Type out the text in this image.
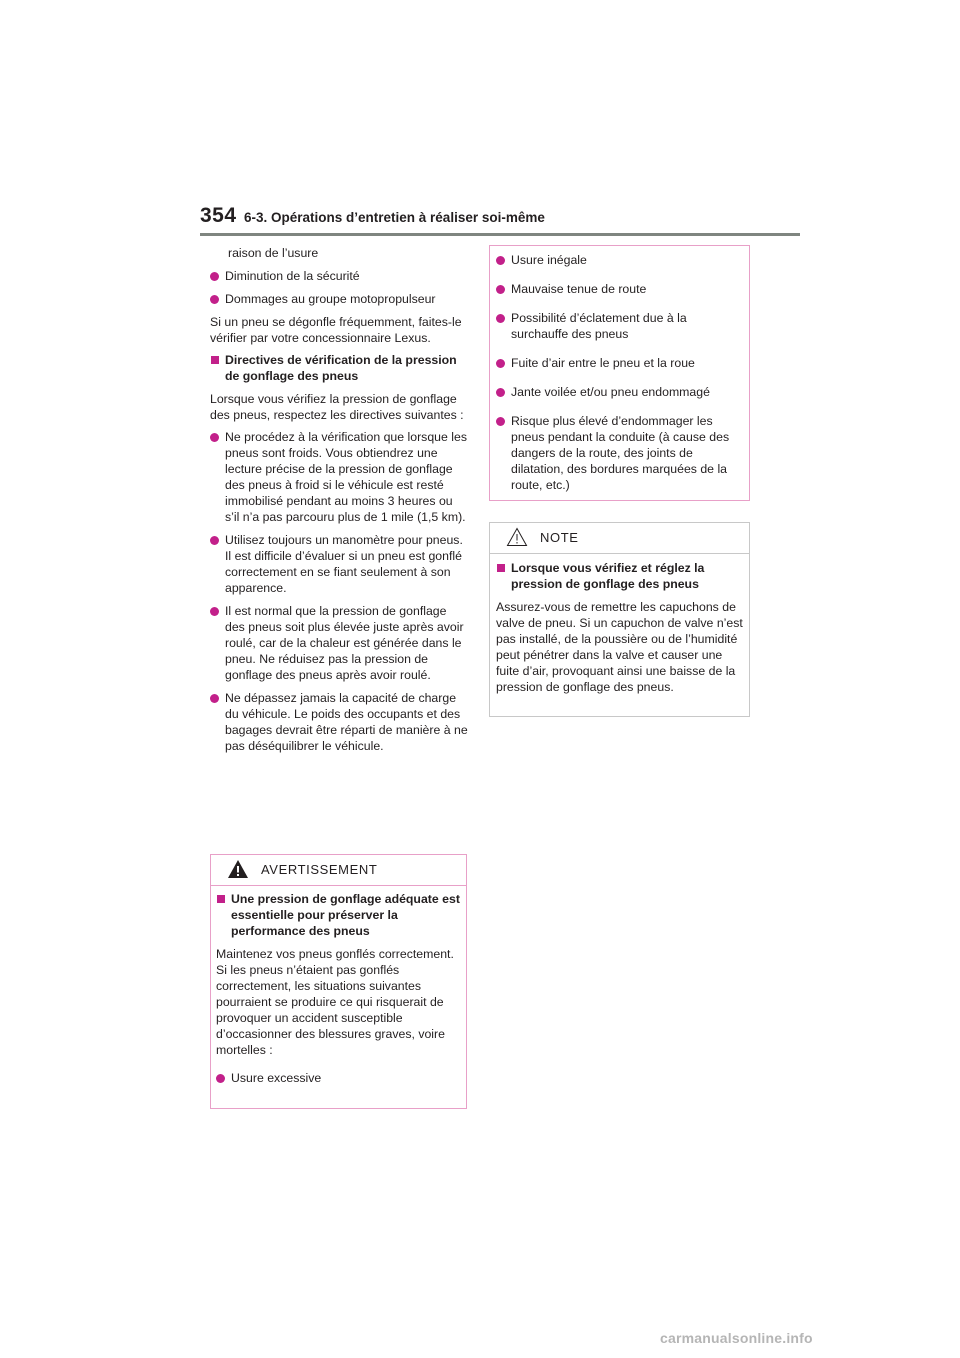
354 6-3. Opérations d’entretien à réaliser soi-même

raison de l’usure

Diminution de la sécurité
Dommages au groupe motopropulseur

Si un pneu se dégonfle fréquemment, faites-le vérifier par votre concessionnaire Lexus.

Directives de vérification de la pression de gonflage des pneus

Lorsque vous vérifiez la pression de gonflage des pneus, respectez les directives suivantes :

Ne procédez à la vérification que lorsque les pneus sont froids. Vous obtiendrez une lecture précise de la pression de gonflage des pneus à froid si le véhicule est resté immobilisé pendant au moins 3 heures ou s’il n’a pas parcouru plus de 1 mile (1,5 km).
Utilisez toujours un manomètre pour pneus. Il est difficile d’évaluer si un pneu est gonflé correctement en se fiant seulement à son apparence.
Il est normal que la pression de gonflage des pneus soit plus élevée juste après avoir roulé, car de la chaleur est générée dans le pneu. Ne réduisez pas la pression de gonflage des pneus après avoir roulé.
Ne dépassez jamais la capacité de charge du véhicule. Le poids des occupants et des bagages devrait être réparti de manière à ne pas déséquilibrer le véhicule.
AVERTISSEMENT
Une pression de gonflage adéquate est essentielle pour préserver la performance des pneus

Maintenez vos pneus gonflés correctement. Si les pneus n’étaient pas gonflés correctement, les situations suivantes pourraient se produire ce qui risquerait de provoquer un accident susceptible d’occasionner des blessures graves, voire mortelles :

Usure excessive
Usure inégale
Mauvaise tenue de route
Possibilité d’éclatement due à la surchauffe des pneus
Fuite d’air entre le pneu et la roue
Jante voilée et/ou pneu endommagé
Risque plus élevé d’endommager les pneus pendant la conduite (à cause des dangers de la route, des joints de dilatation, des bordures marquées de la route, etc.)
NOTE
Lorsque vous vérifiez et réglez la pression de gonflage des pneus

Assurez-vous de remettre les capuchons de valve de pneu. Si un capuchon de valve n’est pas installé, de la poussière ou de l’humidité peut pénétrer dans la valve et causer une fuite d’air, provoquant ainsi une baisse de la pression de gonflage des pneus.

carmanualsonline.info
